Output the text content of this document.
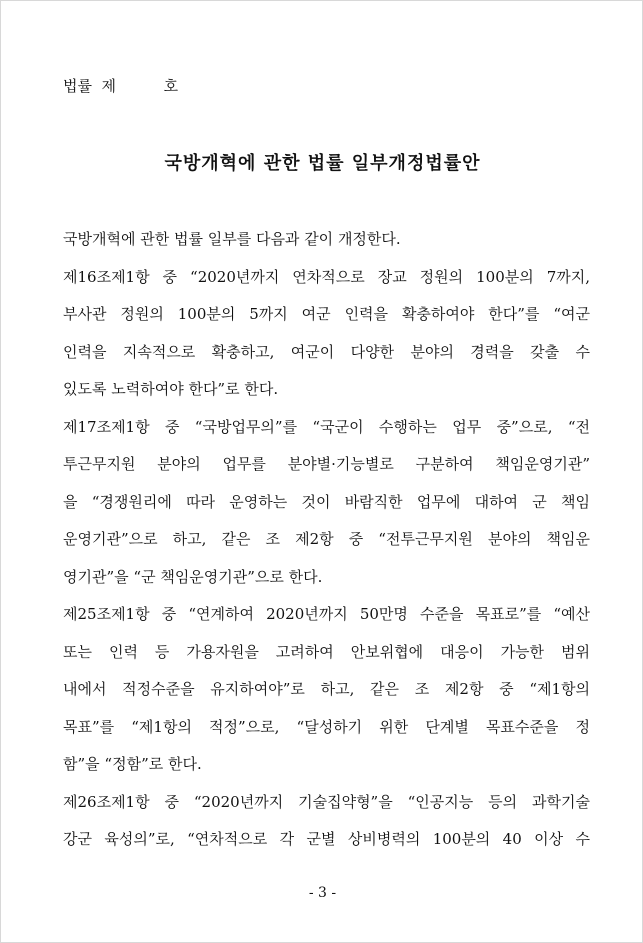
법률  제          호
국방개혁에 관한 법률 일부개정법률안
국방개혁에 관한 법률 일부를 다음과 같이 개정한다.
제16조제1항 중 “2020년까지 연차적으로 장교 정원의 100분의 7까지,
부사관 정원의 100분의 5까지 여군 인력을 확충하여야 한다”를 “여군
인력을 지속적으로 확충하고, 여군이 다양한 분야의 경력을 갖출 수
있도록 노력하여야 한다”로 한다.
제17조제1항 중 “국방업무의”를 “국군이 수행하는 업무 중”으로, “전
투근무지원 분야의 업무를 분야별·기능별로 구분하여 책임운영기관”
을 “경쟁원리에 따라 운영하는 것이 바람직한 업무에 대하여 군 책임
운영기관”으로 하고, 같은 조 제2항 중 “전투근무지원 분야의 책임운
영기관”을 “군 책임운영기관”으로 한다.
제25조제1항 중 “연계하여 2020년까지 50만명 수준을 목표로”를 “예산
또는 인력 등 가용자원을 고려하여 안보위협에 대응이 가능한 범위
내에서 적정수준을 유지하여야”로 하고, 같은 조 제2항 중 “제1항의
목표”를 “제1항의 적정”으로, “달성하기 위한 단계별 목표수준을 정
함”을 “정함”로 한다.
제26조제1항 중 “2020년까지 기술집약형”을 “인공지능 등의 과학기술
강군 육성의”로, “연차적으로 각 군별 상비병력의 100분의 40 이상 수
- 3 -
